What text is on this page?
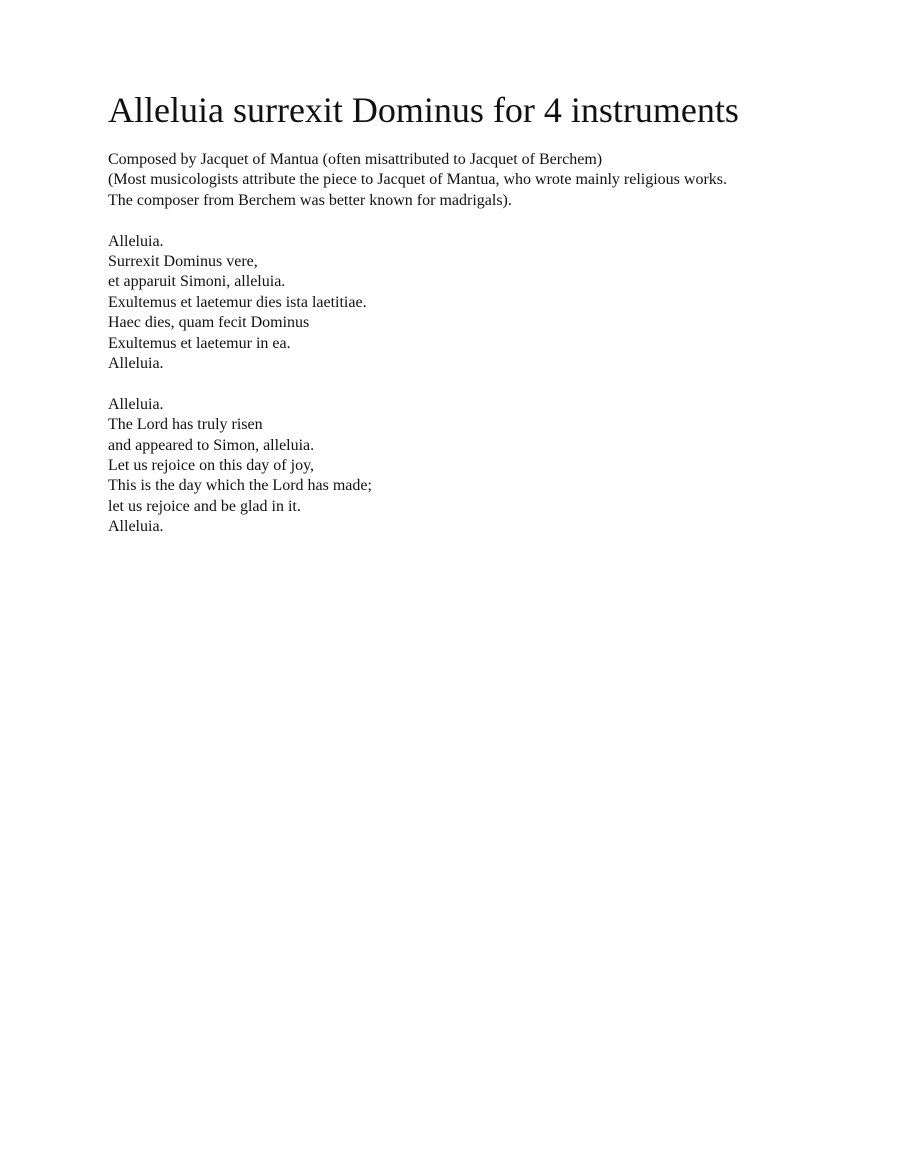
Alleluia surrexit Dominus for 4 instruments

Composed by Jacquet of Mantua (often misattributed to Jacquet of Berchem)

(Most musicologists attribute the piece to Jacquet of Mantua, who wrote mainly religious works.

The composer from Berchem was better known for madrigals).

Alleluia.

Surrexit Dominus vere,

et apparuit Simoni, alleluia.

Exultemus et laetemur dies ista laetitiae.

Haec dies, quam fecit Dominus

Exultemus et laetemur in ea.

Alleluia.

Alleluia.

The Lord has truly risen

and appeared to Simon, alleluia.

Let us rejoice on this day of joy,

This is the day which the Lord has made;

let us rejoice and be glad in it.

Alleluia.
